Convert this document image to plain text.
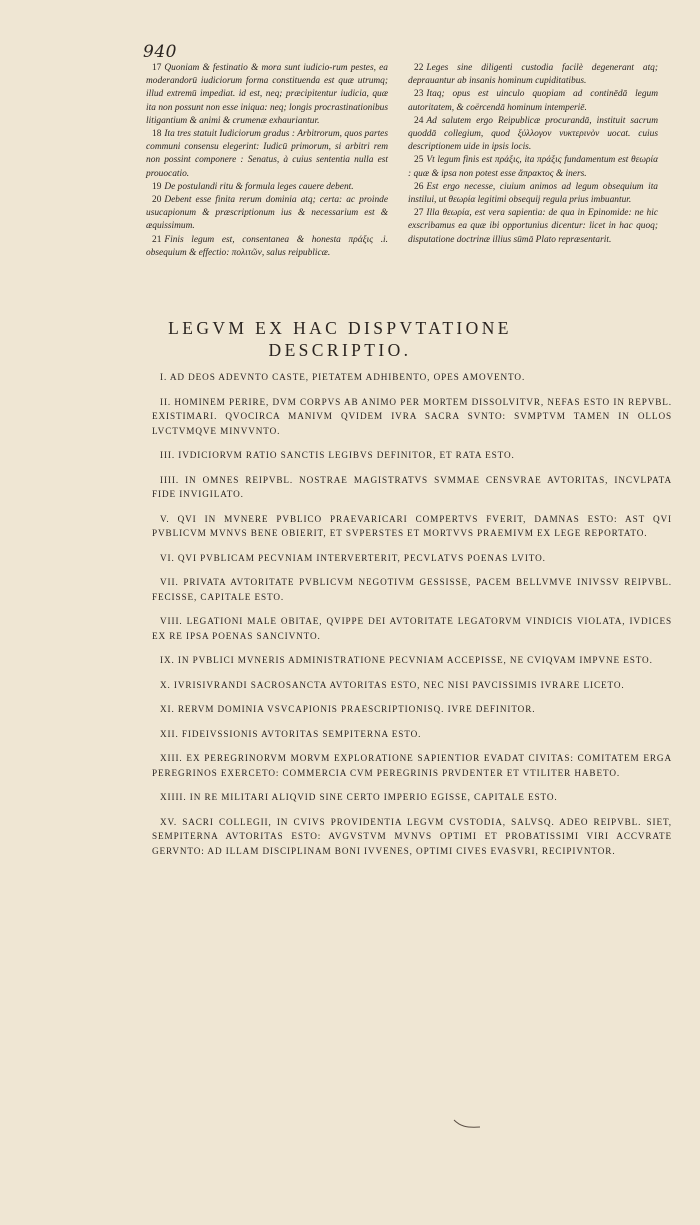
940

17 Quoniam & festinatio & mora sunt iudicio-rum pestes, ea moderandorū iudiciorum forma constituenda est quæ utrumq; illud extremū impediat. id est, neq; præcipitentur iudicia, quæ ita non possunt non esse iniqua: neq; longis procrastinationibus litigantium & animi & crumenæ exhauriantur.

18 Ita tres statuit Iudiciorum gradus : Arbitrorum, quos partes communi consensu elegerint: Iudicū primorum, si arbitri rem non possint componere : Senatus, à cuius sententia nulla est prouocatio.

19 De postulandi ritu & formula leges cauere debent.

20 Debent esse finita rerum dominia atq; certa: ac proinde usucapionum & præscriptionum ius & necessarium est & æquissimum.

21 Finis legum est, consentanea & honesta πράξις .i. obsequium & effectio: πολιτῶν, salus reipublicæ.

22 Leges sine diligenti custodia facilè degenerant atq; deprauantur ab insanis hominum cupiditatibus.

23 Itaq; opus est uinculo quopiam ad continēdā legum autoritatem, & coërcendā hominum intemperiē.

24 Ad salutem ergo Reipublicæ procurandā, instituit sacrum quoddā collegium, quod ξύλλογον νυκτερινὸν uocat. cuius descriptionem uide in ipsis locis.

25 Vt legum finis est πράξις, ita πράξις fundamentum est θεωρία : quæ & ipsa non potest esse ἄπρακτος & iners.

26 Est ergo necesse, ciuium animos ad legum obsequium ita instilui, ut θεωρία legitimi obsequij regula prius imbuantur.

27 Illa θεωρία, est vera sapientia: de qua in Epinomide: ne hic exscribamus ea quæ ibi opportunius dicentur: licet in hac quoq; disputatione doctrinæ illius sūmā Plato repræsentarit.

LEGVM EX HAC DISPVTATIONE
DESCRIPTIO.

I. AD DEOS ADEVNTO CASTE, PIETATEM ADHIBENTO, OPES AMOVENTO.

II. HOMINEM PERIRE, DVM CORPVS AB ANIMO PER MORTEM DISSOLVITVR, NEFAS ESTO IN REPVBL. EXISTIMARI. QVOCIRCA MANIVM QVIDEM IVRA SACRA SVNTO: SVMPTVM TAMEN IN OLLOS LVCTVMQVE MINVVNTO.

III. IVDICIORVM RATIO SANCTIS LEGIBVS DEFINITOR, ET RATA ESTO.

IIII. IN OMNES REIPVBL. NOSTRAE MAGISTRATVS SVMMAE CENSVRAE AVTORITAS, INCVLPATA FIDE INVIGILATO.

V. QVI IN MVNERE PVBLICO PRAEVARICARI COMPERTVS FVERIT, DAMNAS ESTO: AST QVI PVBLICVM MVNVS BENE OBIERIT, ET SVPERSTES ET MORTVVS PRAEMIVM EX LEGE REPORTATO.

VI. QVI PVBLICAM PECVNIAM INTERVERTERIT, PECVLATVS POENAS LVITO.

VII. PRIVATA AVTORITATE PVBLICVM NEGOTIVM GESSISSE, PACEM BELLVMVE INIVSSV REIPVBL. FECISSE, CAPITALE ESTO.

VIII. LEGATIONI MALE OBITAE, QVIPPE DEI AVTORITATE LEGATORVM VINDICIS VIOLATA, IVDICES EX RE IPSA POENAS SANCIVNTO.

IX. IN PVBLICI MVNERIS ADMINISTRATIONE PECVNIAM ACCEPISSE, NE CVIQVAM IMPVNE ESTO.

X. IVRISIVRANDI SACROSANCTA AVTORITAS ESTO, NEC NISI PAVCISSIMIS IVRARE LICETO.

XI. RERVM DOMINIA VSVCAPIONIS PRAESCRIPTIONISQ. IVRE DEFINITOR.

XII. FIDEIVSSIONIS AVTORITAS SEMPITERNA ESTO.

XIII. EX PEREGRINORVM MORVM EXPLORATIONE SAPIENTIOR EVADAT CIVITAS: COMITATEM ERGA PEREGRINOS EXERCETO: COMMERCIA CVM PEREGRINIS PRVDENTER ET VTILITER HABETO.

XIIII. IN RE MILITARI ALIQVID SINE CERTO IMPERIO EGISSE, CAPITALE ESTO.

XV. SACRI COLLEGII, IN CVIVS PROVIDENTIA LEGVM CVSTODIA, SALVSQ. ADEO REIPVBL. SIET, SEMPITERNA AVTORITAS ESTO: AVGVSTVM MVNVS OPTIMI ET PROBATISSIMI VIRI ACCVRATE GERVNTO: AD ILLAM DISCIPLINAM BONI IVVENES, OPTIMI CIVES EVASVRI, RECIPIVNTOR.
